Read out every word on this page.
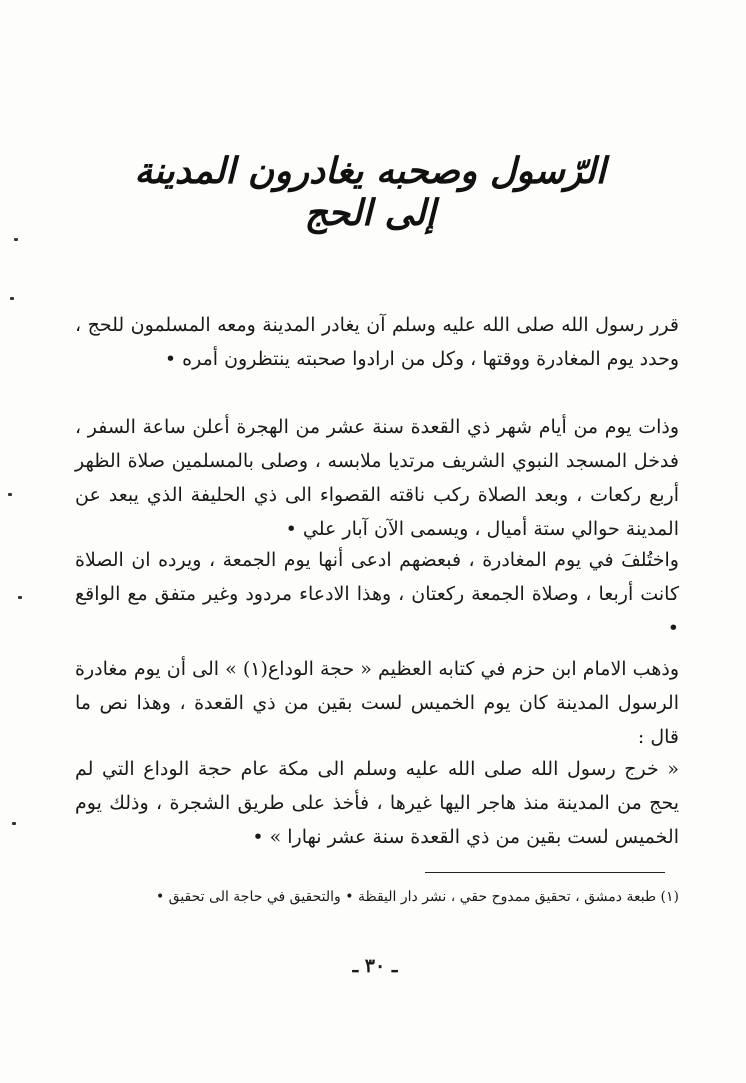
الرّسول وصحبه يغادرون المدينة إلى الحج
قرر رسول الله صلى الله عليه وسلم آن يغادر المدينة ومعه المسلمون للحج ، وحدد يوم المغادرة ووقتها ، وكل من ارادوا صحبته ينتظرون أمره •
وذات يوم من أيام شهر ذي القعدة سنة عشر من الهجرة أعلن ساعة السفر ، فدخل المسجد النبوي الشريف مرتديا ملابسه ، وصلى بالمسلمين صلاة الظهر أربع ركعات ، وبعد الصلاة ركب ناقته القصواء الى ذي الحليفة الذي يبعد عن المدينة حوالي ستة أميال ، ويسمى الآن آبار علي •
واختُلفَ في يوم المغادرة ، فبعضهم ادعى أنها يوم الجمعة ، ويرده ان الصلاة كانت أربعا ، وصلاة الجمعة ركعتان ، وهذا الادعاء مردود وغير متفق مع الواقع •
وذهب الامام ابن حزم في كتابه العظيم « حجة الوداع(١) » الى أن يوم مغادرة الرسول المدينة كان يوم الخميس لست بقين من ذي القعدة ، وهذا نص ما قال :
« خرج رسول الله صلى الله عليه وسلم الى مكة عام حجة الوداع التي لم يحج من المدينة منذ هاجر اليها غيرها ، فأخذ على طريق الشجرة ، وذلك يوم الخميس لست بقين من ذي القعدة سنة عشر نهارا » •
(١) طبعة دمشق ، تحقيق ممدوح حقي ، نشر دار اليقظة • والتحقيق في حاجة الى تحقيق •
ـ ٣٠ ـ
